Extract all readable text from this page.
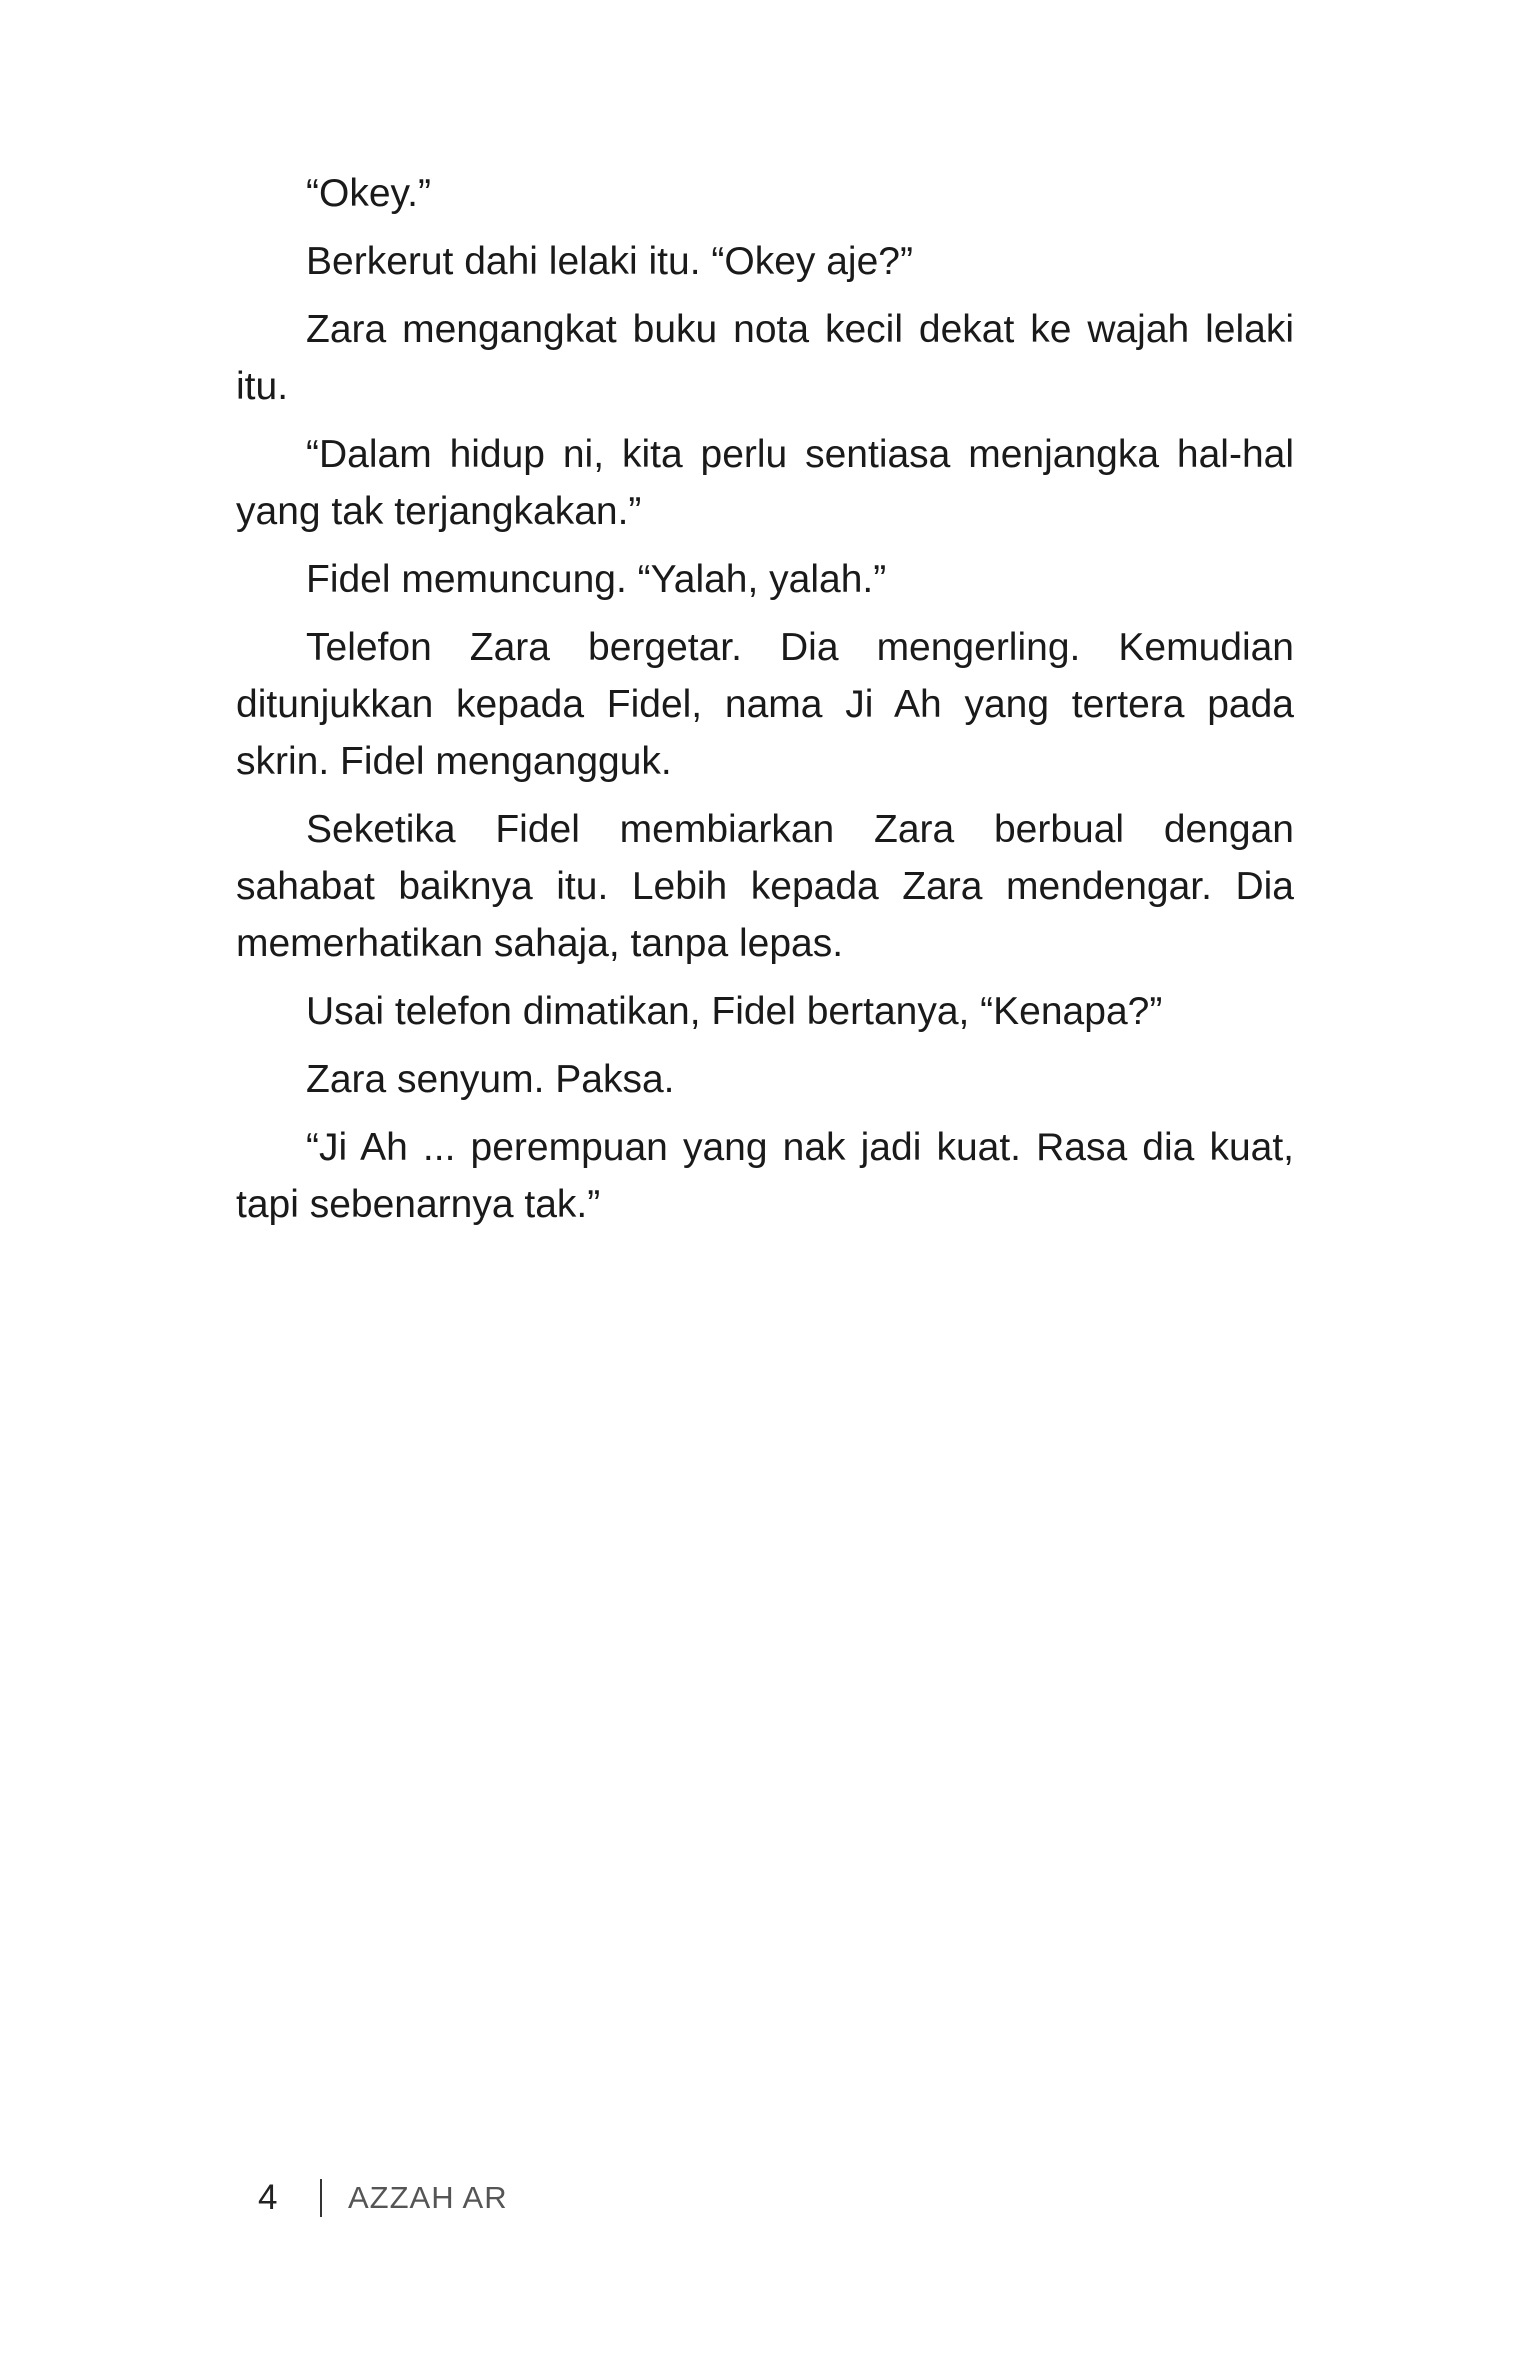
“Okey.”

Berkerut dahi lelaki itu. “Okey aje?”

Zara mengangkat buku nota kecil dekat ke wajah lelaki itu.

“Dalam hidup ni, kita perlu sentiasa menjangka hal-hal yang tak terjangkakan.”

Fidel memuncung. “Yalah, yalah.”

Telefon Zara bergetar. Dia mengerling. Kemudian ditunjukkan kepada Fidel, nama Ji Ah yang tertera pada skrin. Fidel mengangguk.

Seketika Fidel membiarkan Zara berbual dengan sahabat baiknya itu. Lebih kepada Zara mendengar. Dia memerhatikan sahaja, tanpa lepas.

Usai telefon dimatikan, Fidel bertanya, “Kenapa?”

Zara senyum. Paksa.

“Ji Ah ... perempuan yang nak jadi kuat. Rasa dia kuat, tapi sebenarnya tak.”

4	AZZAH AR
